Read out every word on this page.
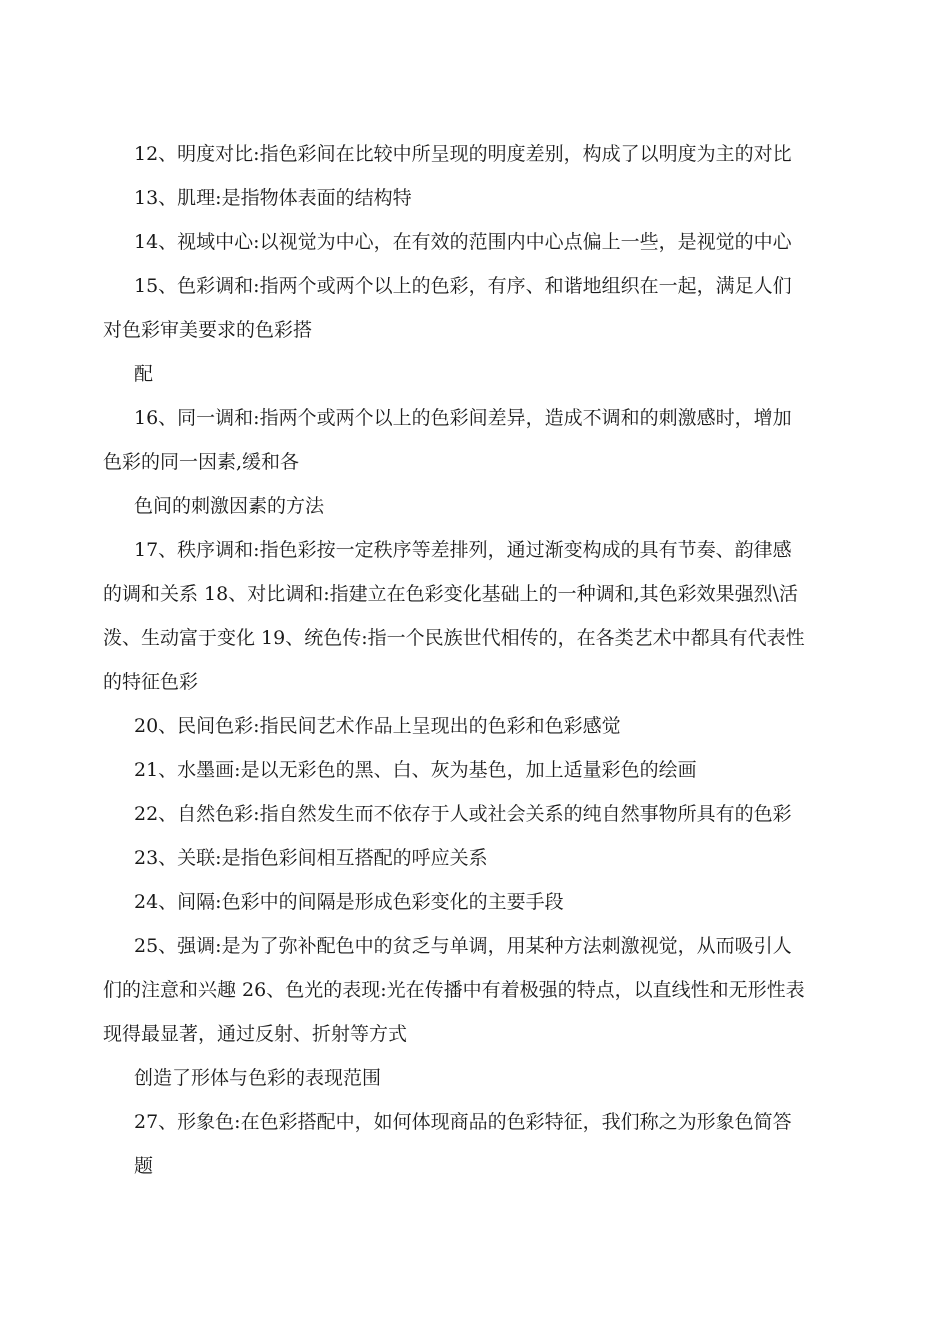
12、明度对比:指色彩间在比较中所呈现的明度差别，构成了以明度为主的对比
13、肌理:是指物体表面的结构特
14、视域中心:以视觉为中心，在有效的范围内中心点偏上一些，是视觉的中心
15、色彩调和:指两个或两个以上的色彩，有序、和谐地组织在一起，满足人们
对色彩审美要求的色彩搭
配
16、同一调和:指两个或两个以上的色彩间差异，造成不调和的刺激感时，增加
色彩的同一因素,缓和各
色间的刺激因素的方法
17、秩序调和:指色彩按一定秩序等差排列，通过渐变构成的具有节奏、韵律感
的调和关系 18、对比调和:指建立在色彩变化基础上的一种调和,其色彩效果强烈\活
泼、生动富于变化 19、统色传:指一个民族世代相传的，在各类艺术中都具有代表性
的特征色彩
20、民间色彩:指民间艺术作品上呈现出的色彩和色彩感觉
21、水墨画:是以无彩色的黑、白、灰为基色，加上适量彩色的绘画
22、自然色彩:指自然发生而不依存于人或社会关系的纯自然事物所具有的色彩
23、关联:是指色彩间相互搭配的呼应关系
24、间隔:色彩中的间隔是形成色彩变化的主要手段
25、强调:是为了弥补配色中的贫乏与单调，用某种方法刺激视觉，从而吸引人
们的注意和兴趣 26、色光的表现:光在传播中有着极强的特点，以直线性和无形性表
现得最显著，通过反射、折射等方式
创造了形体与色彩的表现范围
27、形象色:在色彩搭配中，如何体现商品的色彩特征，我们称之为形象色简答
题
